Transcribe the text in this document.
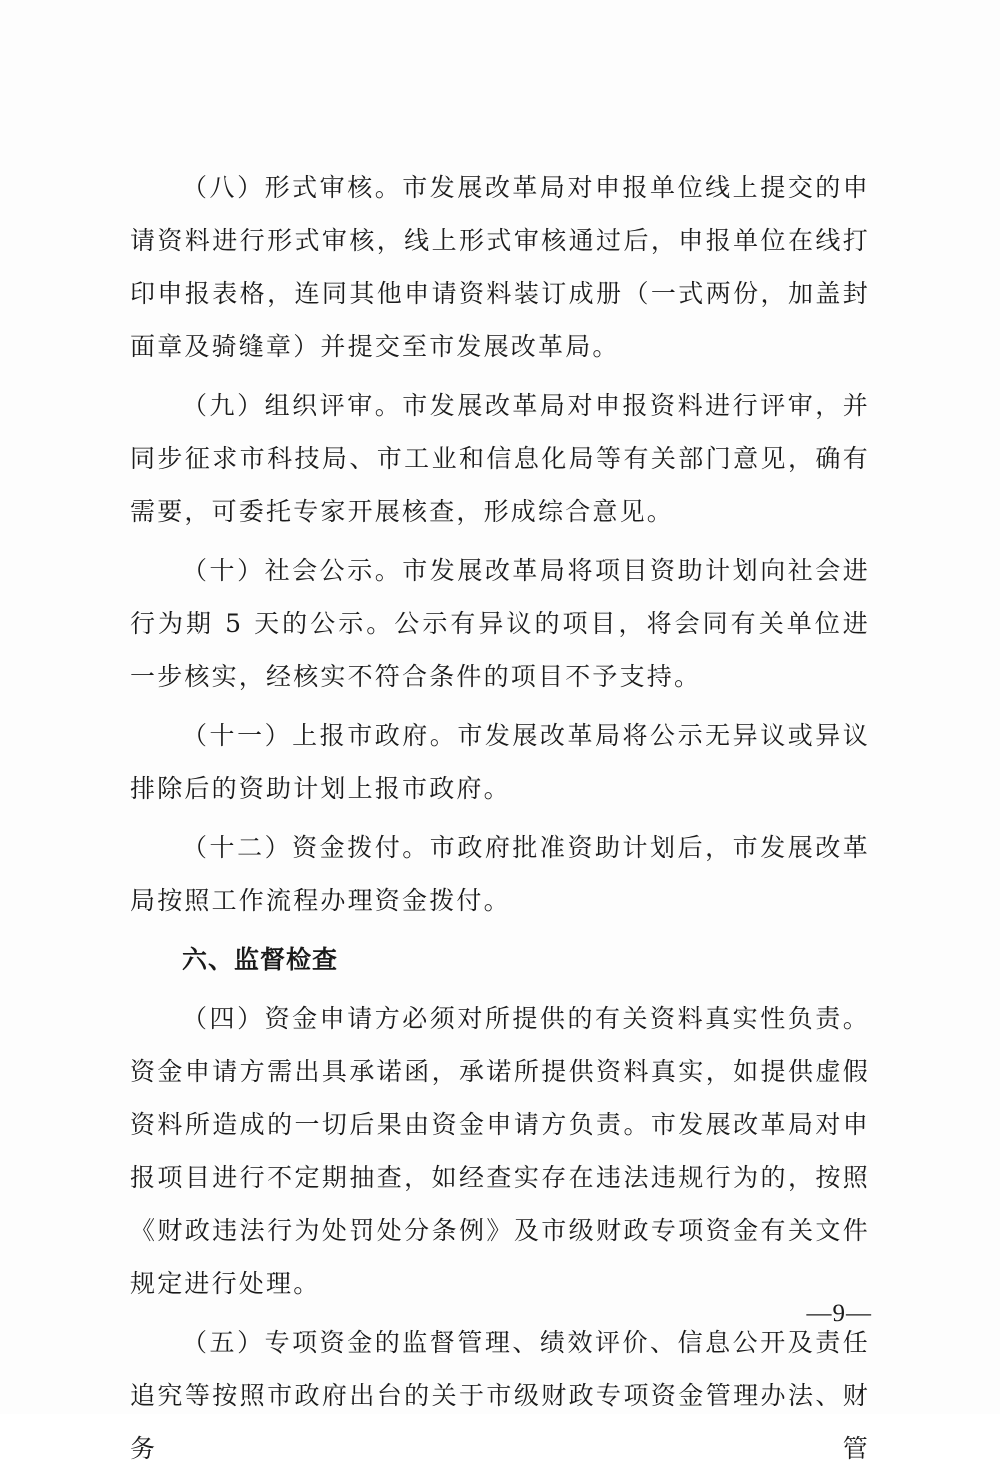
（八）形式审核。市发展改革局对申报单位线上提交的申请资料进行形式审核，线上形式审核通过后，申报单位在线打印申报表格，连同其他申请资料装订成册（一式两份，加盖封面章及骑缝章）并提交至市发展改革局。

（九）组织评审。市发展改革局对申报资料进行评审，并同步征求市科技局、市工业和信息化局等有关部门意见，确有需要，可委托专家开展核查，形成综合意见。

（十）社会公示。市发展改革局将项目资助计划向社会进行为期 5 天的公示。公示有异议的项目，将会同有关单位进一步核实，经核实不符合条件的项目不予支持。

（十一）上报市政府。市发展改革局将公示无异议或异议排除后的资助计划上报市政府。

（十二）资金拨付。市政府批准资助计划后，市发展改革局按照工作流程办理资金拨付。

六、监督检查

（四）资金申请方必须对所提供的有关资料真实性负责。资金申请方需出具承诺函，承诺所提供资料真实，如提供虚假资料所造成的一切后果由资金申请方负责。市发展改革局对申报项目进行不定期抽查，如经查实存在违法违规行为的，按照《财政违法行为处罚处分条例》及市级财政专项资金有关文件规定进行处理。

（五）专项资金的监督管理、绩效评价、信息公开及责任追究等按照市政府出台的关于市级财政专项资金管理办法、财务管

—9—
